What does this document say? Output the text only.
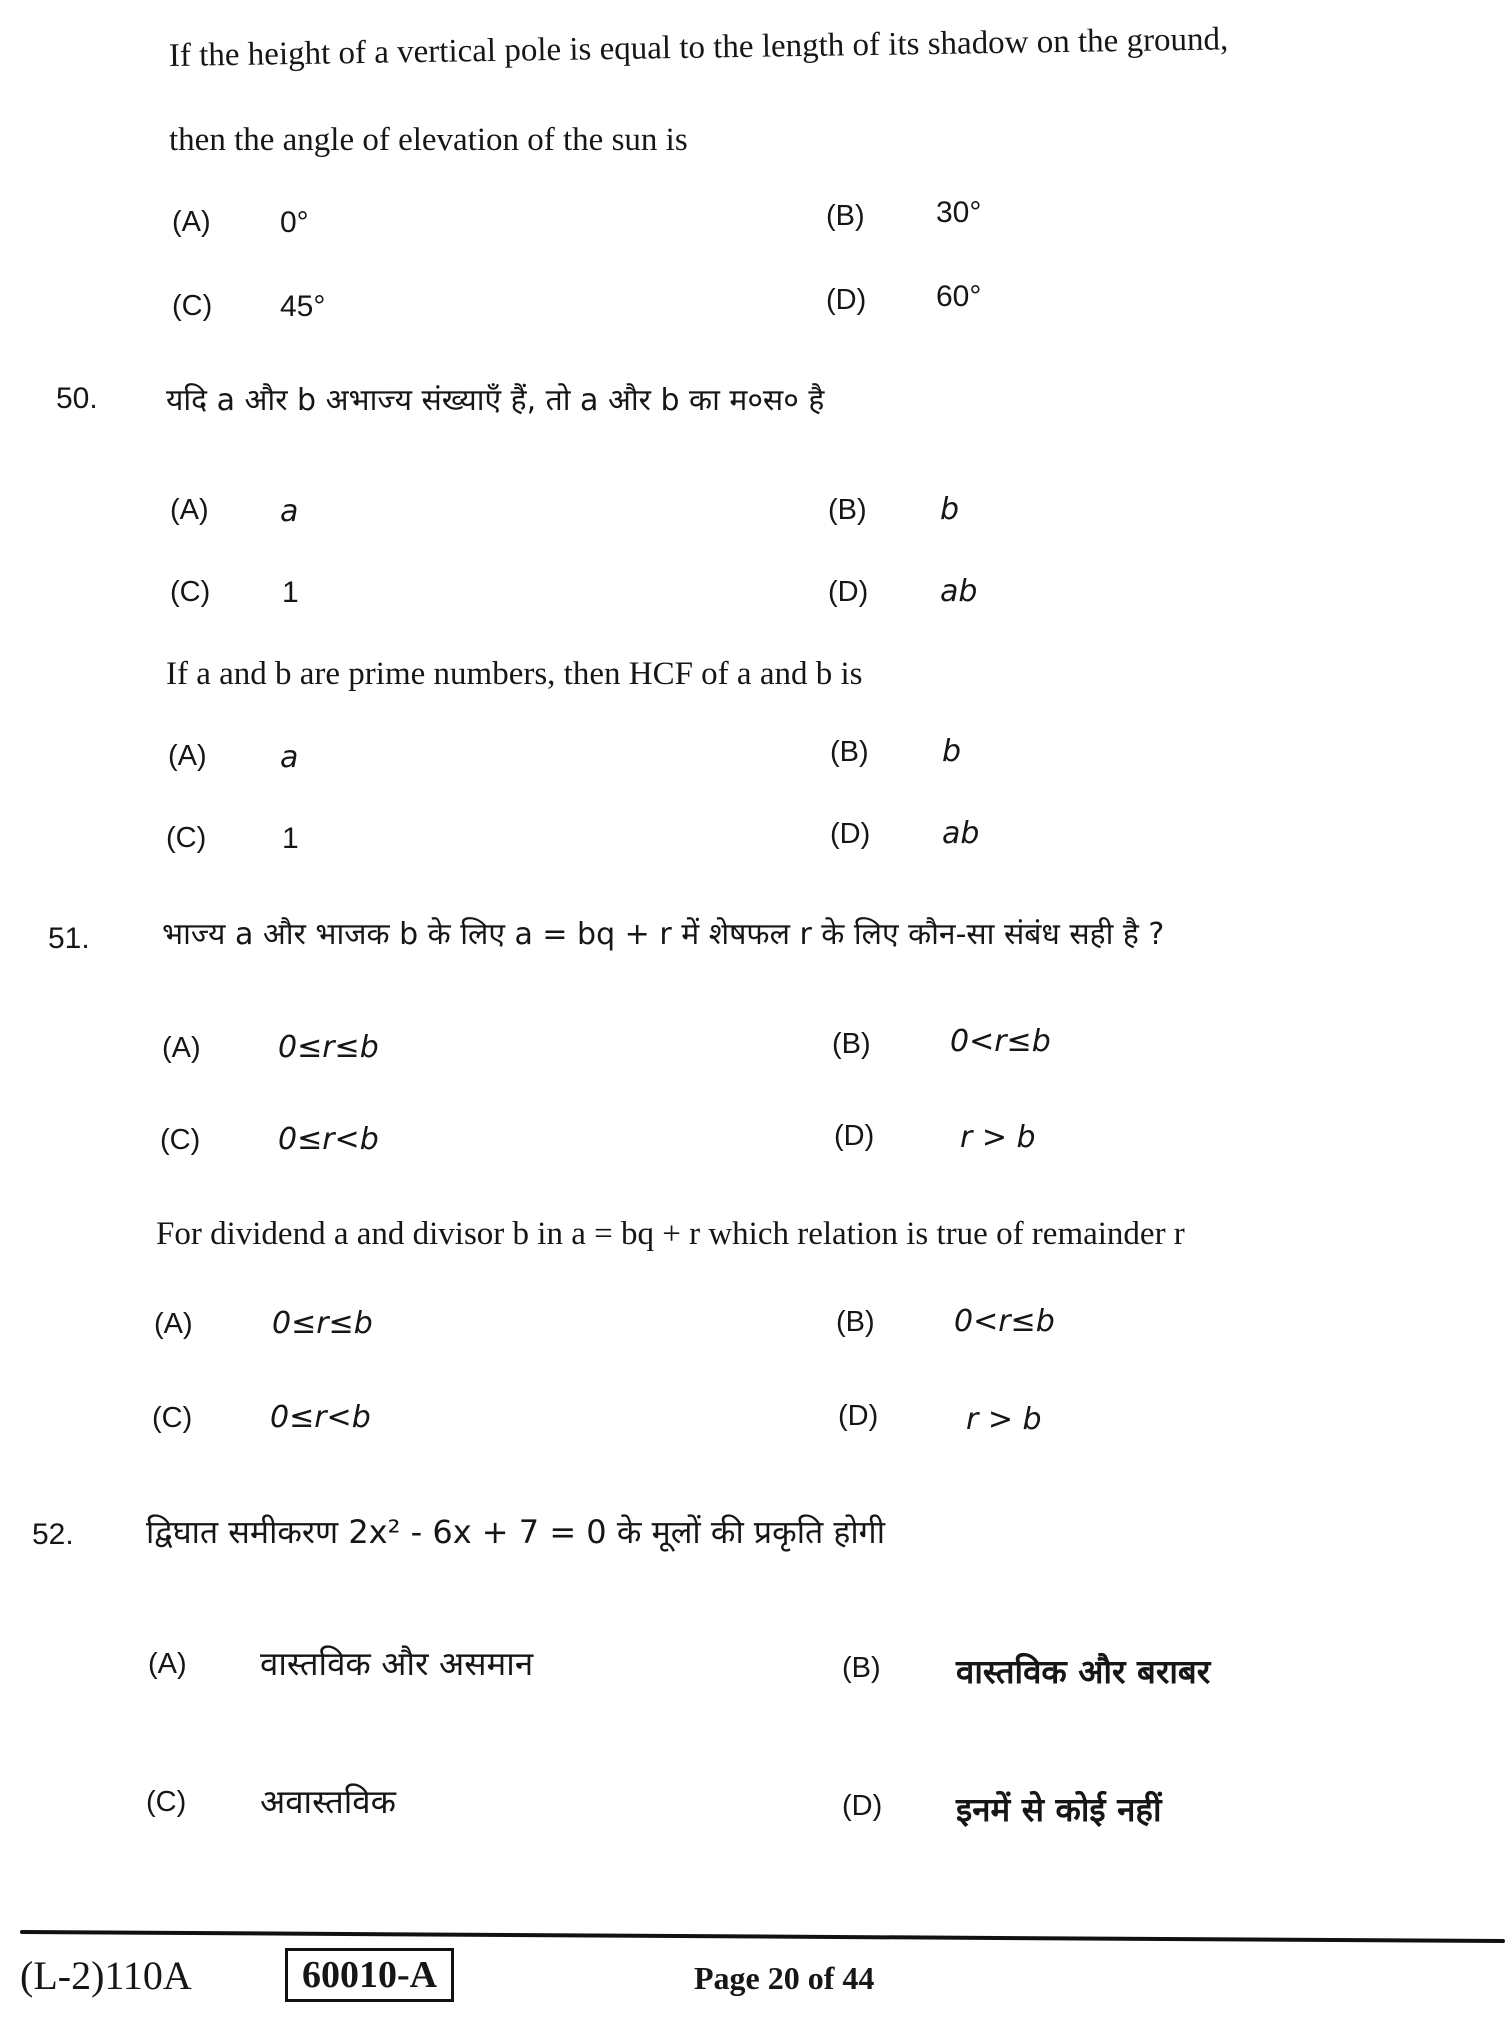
If the height of a vertical pole is equal to the length of its shadow on the ground,
then the angle of elevation of the sun is
(A) 0°	(B) 30°
(C) 45°	(D) 60°
50. यदि a और b अभाज्य संख्याएँ हैं, तो a और b का म०स० है
(A) a	(B) b
(C) 1	(D) ab
If a and b are prime numbers, then HCF of a and b is
(A) a	(B) b
(C)	1	(D) ab
51. भाज्य a और भाजक b के लिए a = bq + r में शेषफल r के लिए कौन-सा संबंध सही है ?
(A)	0≤r≤b	(B)	0<r≤b
(C)	0≤r<b	(D)	r > b
For dividend a and divisor b in a = bq + r which relation is true of remainder r
(A)	0≤r≤b	(B)	0<r≤b
(C)	0≤r<b	(D)	r > b
52. द्विघात समीकरण 2x² - 6x + 7 = 0 के मूलों की प्रकृति होगी
(A) वास्तविक और असमान	(B) वास्तविक और बराबर
(C) अवास्तविक	(D) इनमें से कोई नहीं
(L-2)110A	60010-A	Page 20 of 44
